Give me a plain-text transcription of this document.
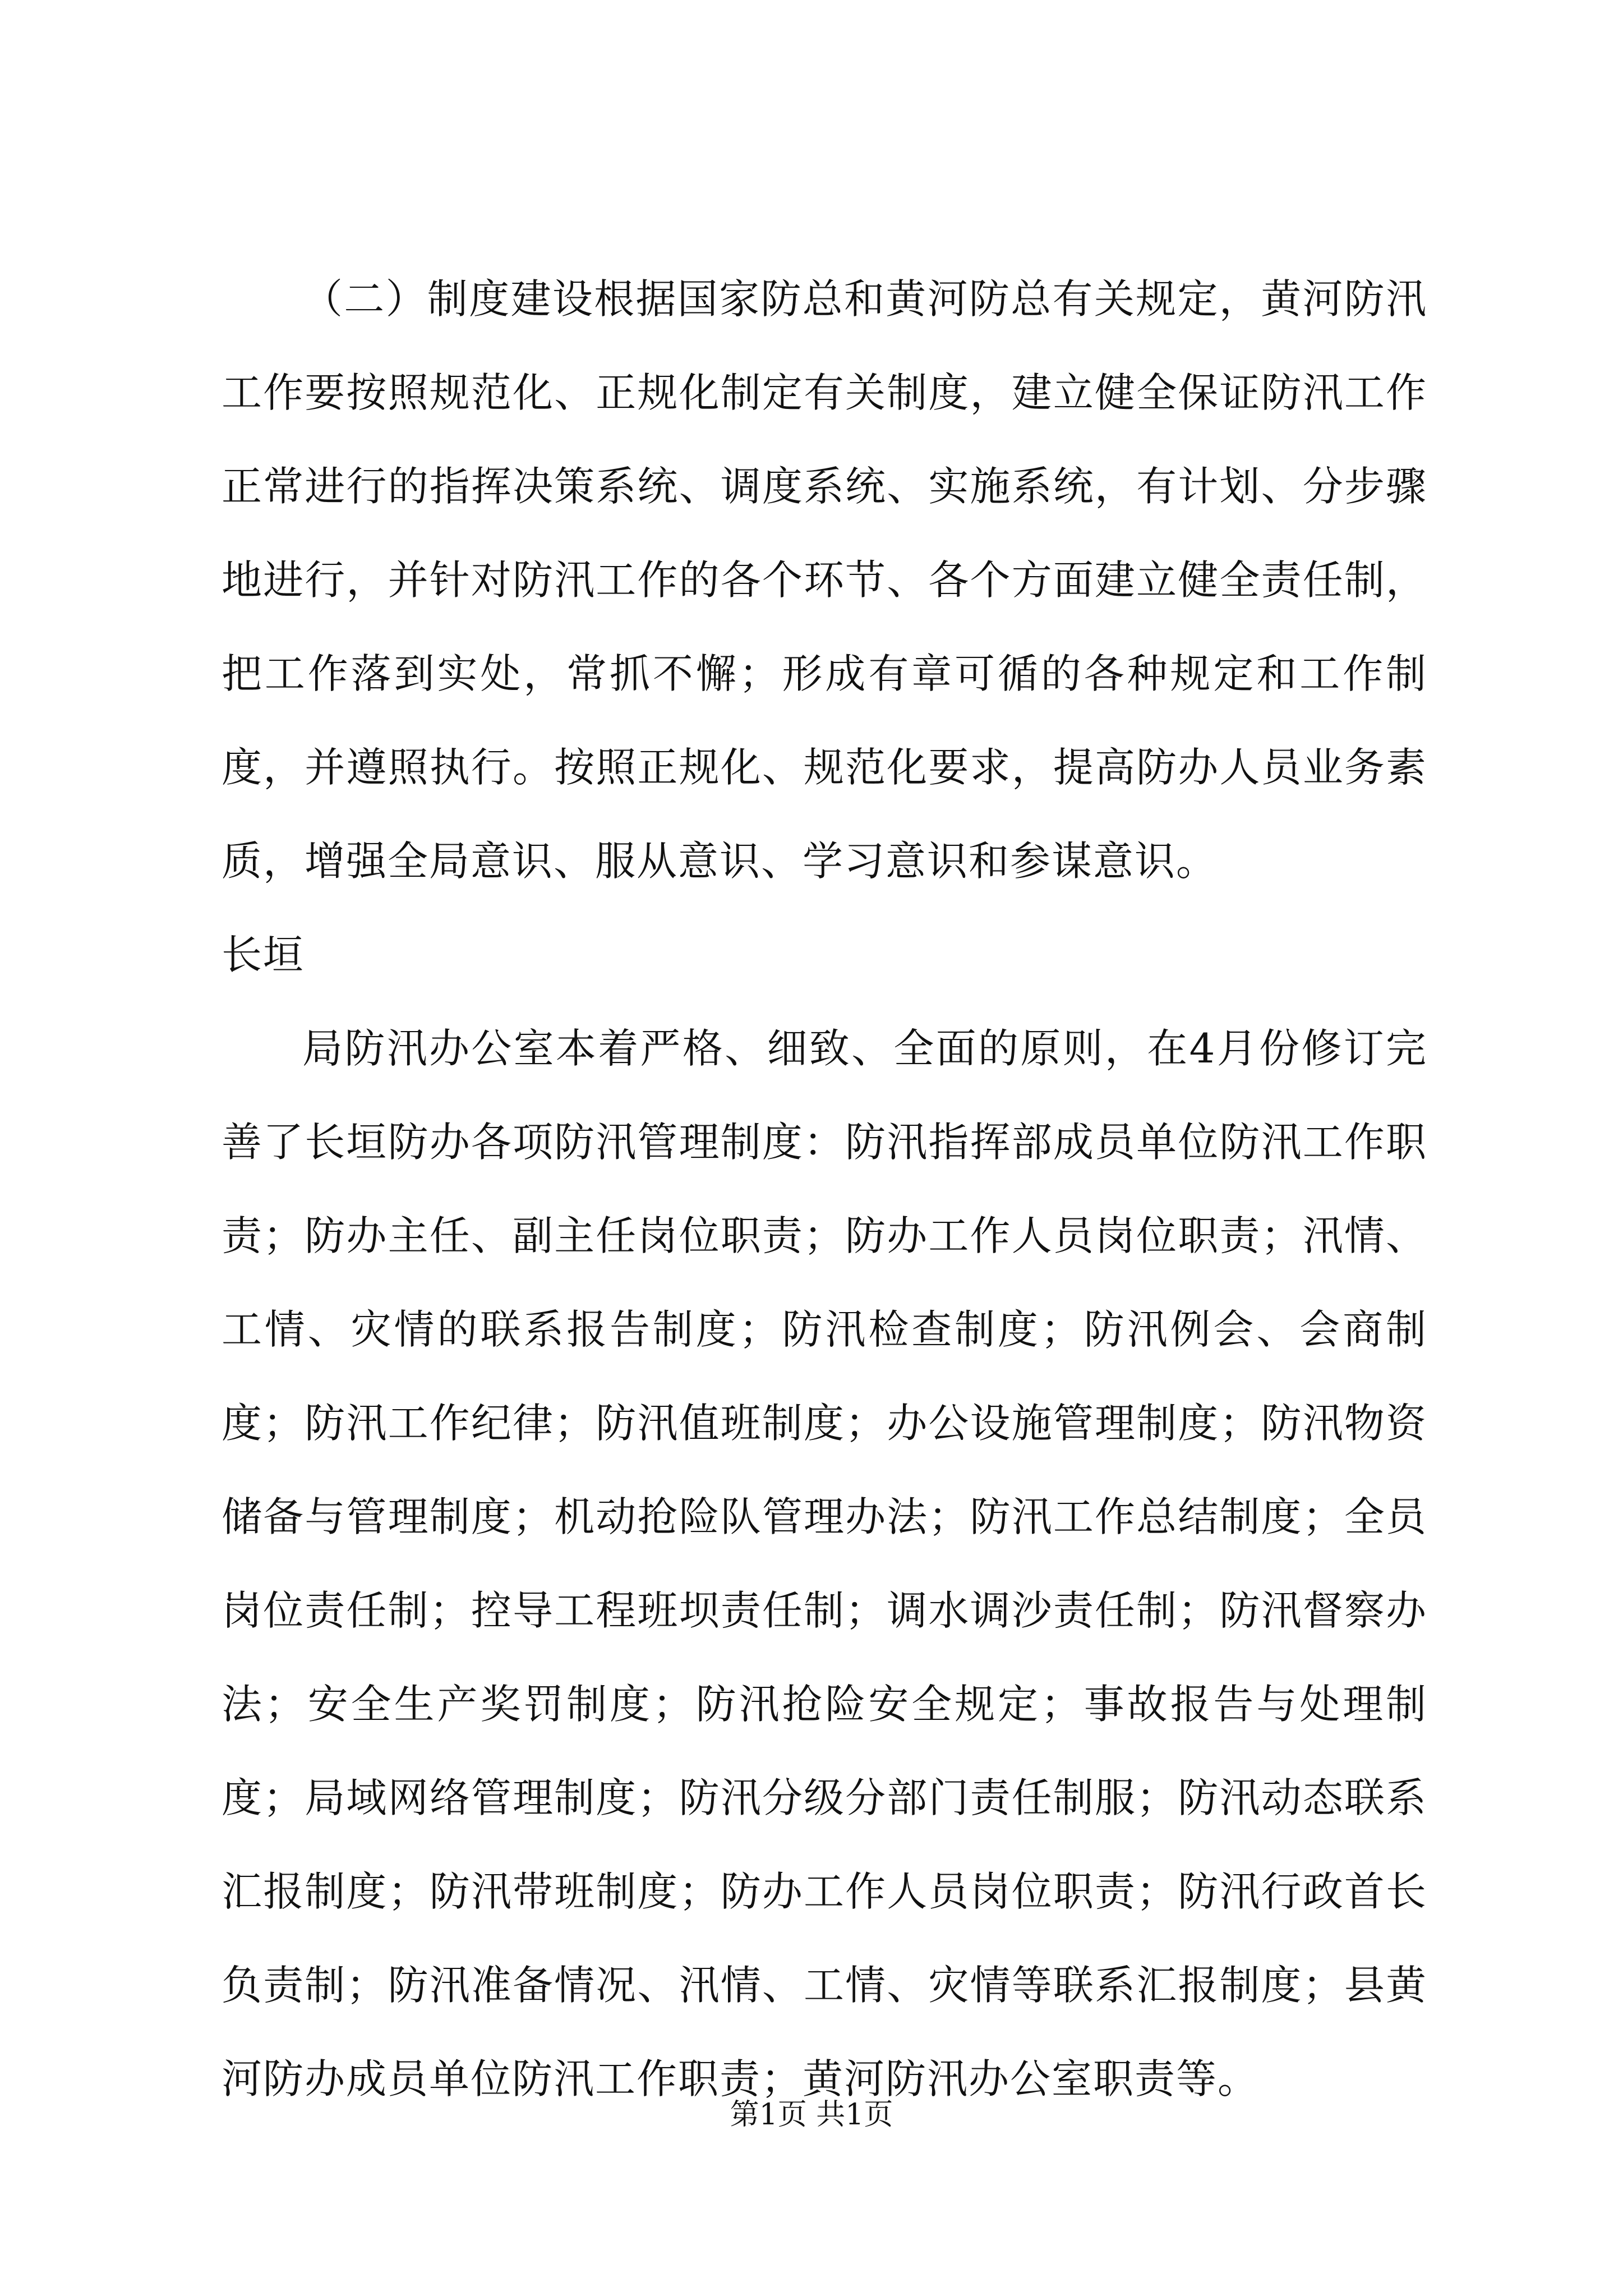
（二）制度建设根据国家防总和黄河防总有关规定，黄河防汛工作要按照规范化、正规化制定有关制度，建立健全保证防汛工作正常进行的指挥决策系统、调度系统、实施系统，有计划、分步骤地进行，并针对防汛工作的各个环节、各个方面建立健全责任制，把工作落到实处，常抓不懈；形成有章可循的各种规定和工作制度，并遵照执行。按照正规化、规范化要求，提高防办人员业务素质，增强全局意识、服从意识、学习意识和参谋意识。

长垣

局防汛办公室本着严格、细致、全面的原则，在4月份修订完善了长垣防办各项防汛管理制度：防汛指挥部成员单位防汛工作职责；防办主任、副主任岗位职责；防办工作人员岗位职责；汛情、工情、灾情的联系报告制度；防汛检查制度；防汛例会、会商制度；防汛工作纪律；防汛值班制度；办公设施管理制度；防汛物资储备与管理制度；机动抢险队管理办法；防汛工作总结制度；全员岗位责任制；控导工程班坝责任制；调水调沙责任制；防汛督察办法；安全生产奖罚制度；防汛抢险安全规定；事故报告与处理制度；局域网络管理制度；防汛分级分部门责任制服；防汛动态联系汇报制度；防汛带班制度；防办工作人员岗位职责；防汛行政首长负责制；防汛准备情况、汛情、工情、灾情等联系汇报制度；县黄河防办成员单位防汛工作职责；黄河防汛办公室职责等。

第1页 共1页
